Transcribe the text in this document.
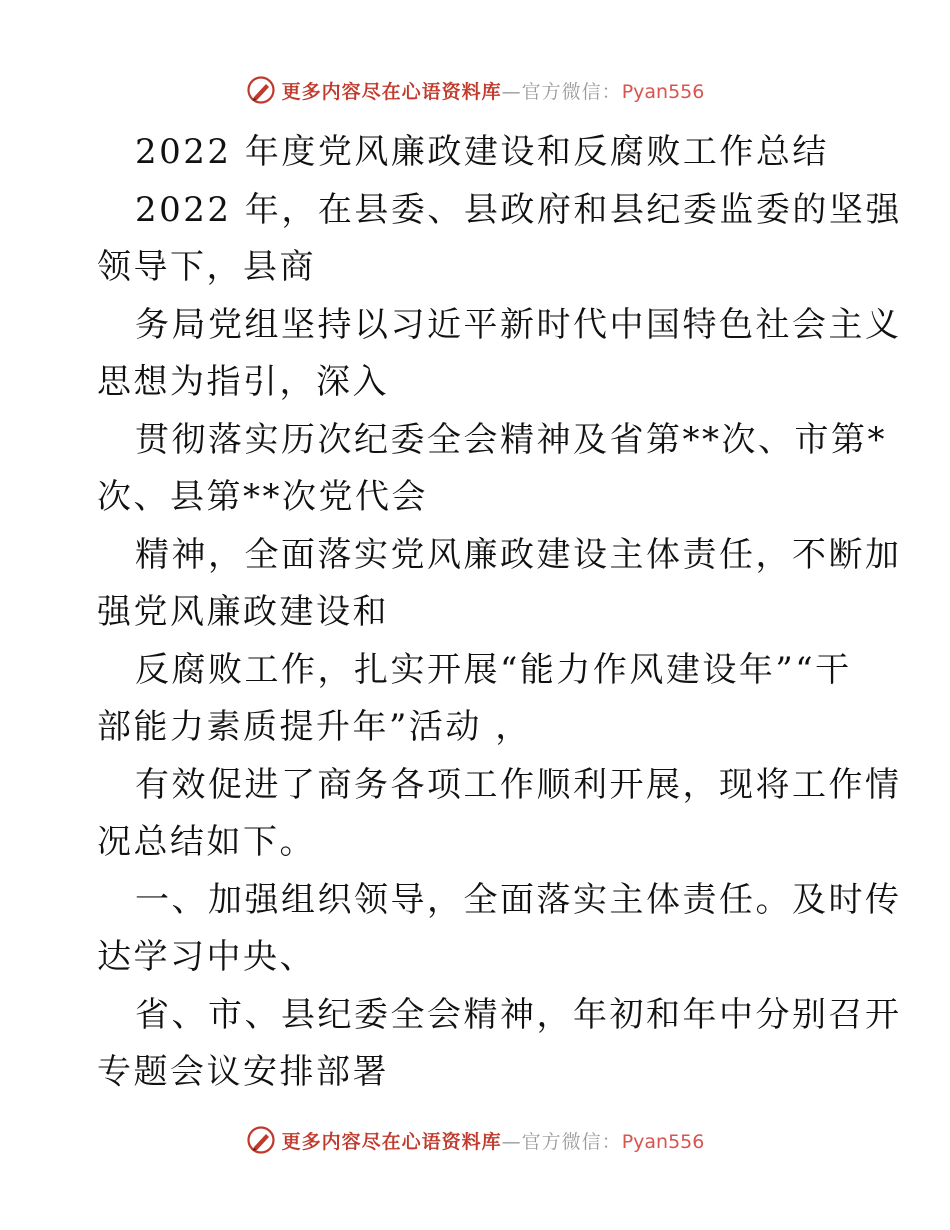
更多内容尽在心语资料库—官方微信：Pyan556
2022 年度党风廉政建设和反腐败工作总结
2022 年，在县委、县政府和县纪委监委的坚强
领导下，县商
务局党组坚持以习近平新时代中国特色社会主义
思想为指引，深入
贯彻落实历次纪委全会精神及省第**次、市第*
次、县第**次党代会
精神，全面落实党风廉政建设主体责任，不断加
强党风廉政建设和
反腐败工作，扎实开展“能力作风建设年”“干
部能力素质提升年”活动 ，
有效促进了商务各项工作顺利开展，现将工作情
况总结如下。
一、加强组织领导，全面落实主体责任。及时传
达学习中央、
省、市、县纪委全会精神，年初和年中分别召开
专题会议安排部署
更多内容尽在心语资料库—官方微信：Pyan556
